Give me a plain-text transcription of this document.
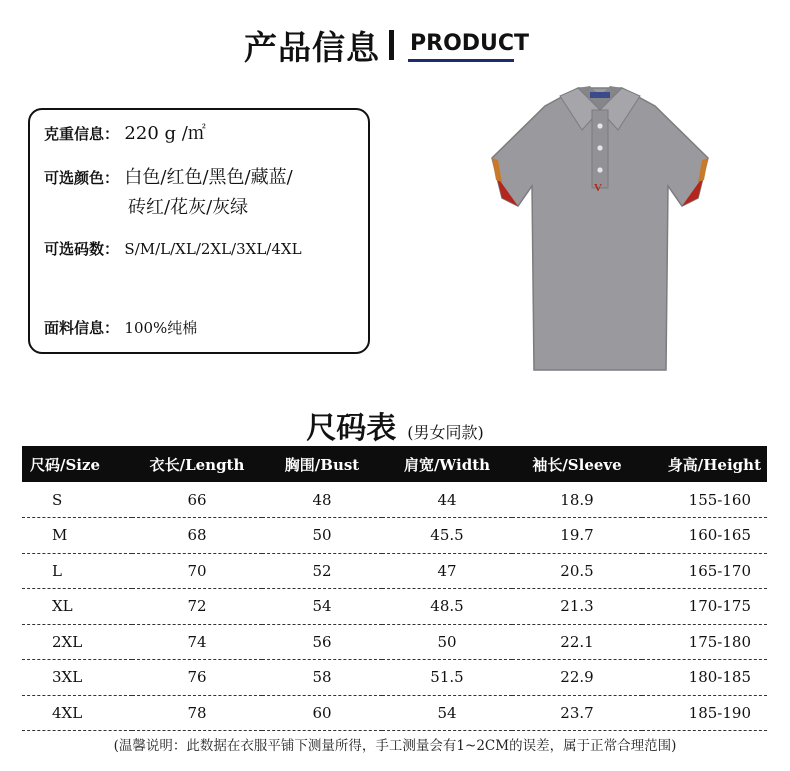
产品信息 PRODUCT
克重信息： 220 g /㎡
可选颜色： 白色/红色/黑色/藏蓝/
砖红/花灰/灰绿
可选码数： S/M/L/XL/2XL/3XL/4XL
面料信息： 100%纯棉
V
尺码表 (男女同款)
尺码/Size	衣长/Length	胸围/Bust	肩宽/Width	袖长/Sleeve	身高/Height
S	66	48	44	18.9	155-160
M	68	50	45.5	19.7	160-165
L	70	52	47	20.5	165-170
XL	72	54	48.5	21.3	170-175
2XL	74	56	50	22.1	175-180
3XL	76	58	51.5	22.9	180-185
4XL	78	60	54	23.7	185-190
(温馨说明：此数据在衣服平铺下测量所得，手工测量会有1~2CM的误差，属于正常合理范围)
